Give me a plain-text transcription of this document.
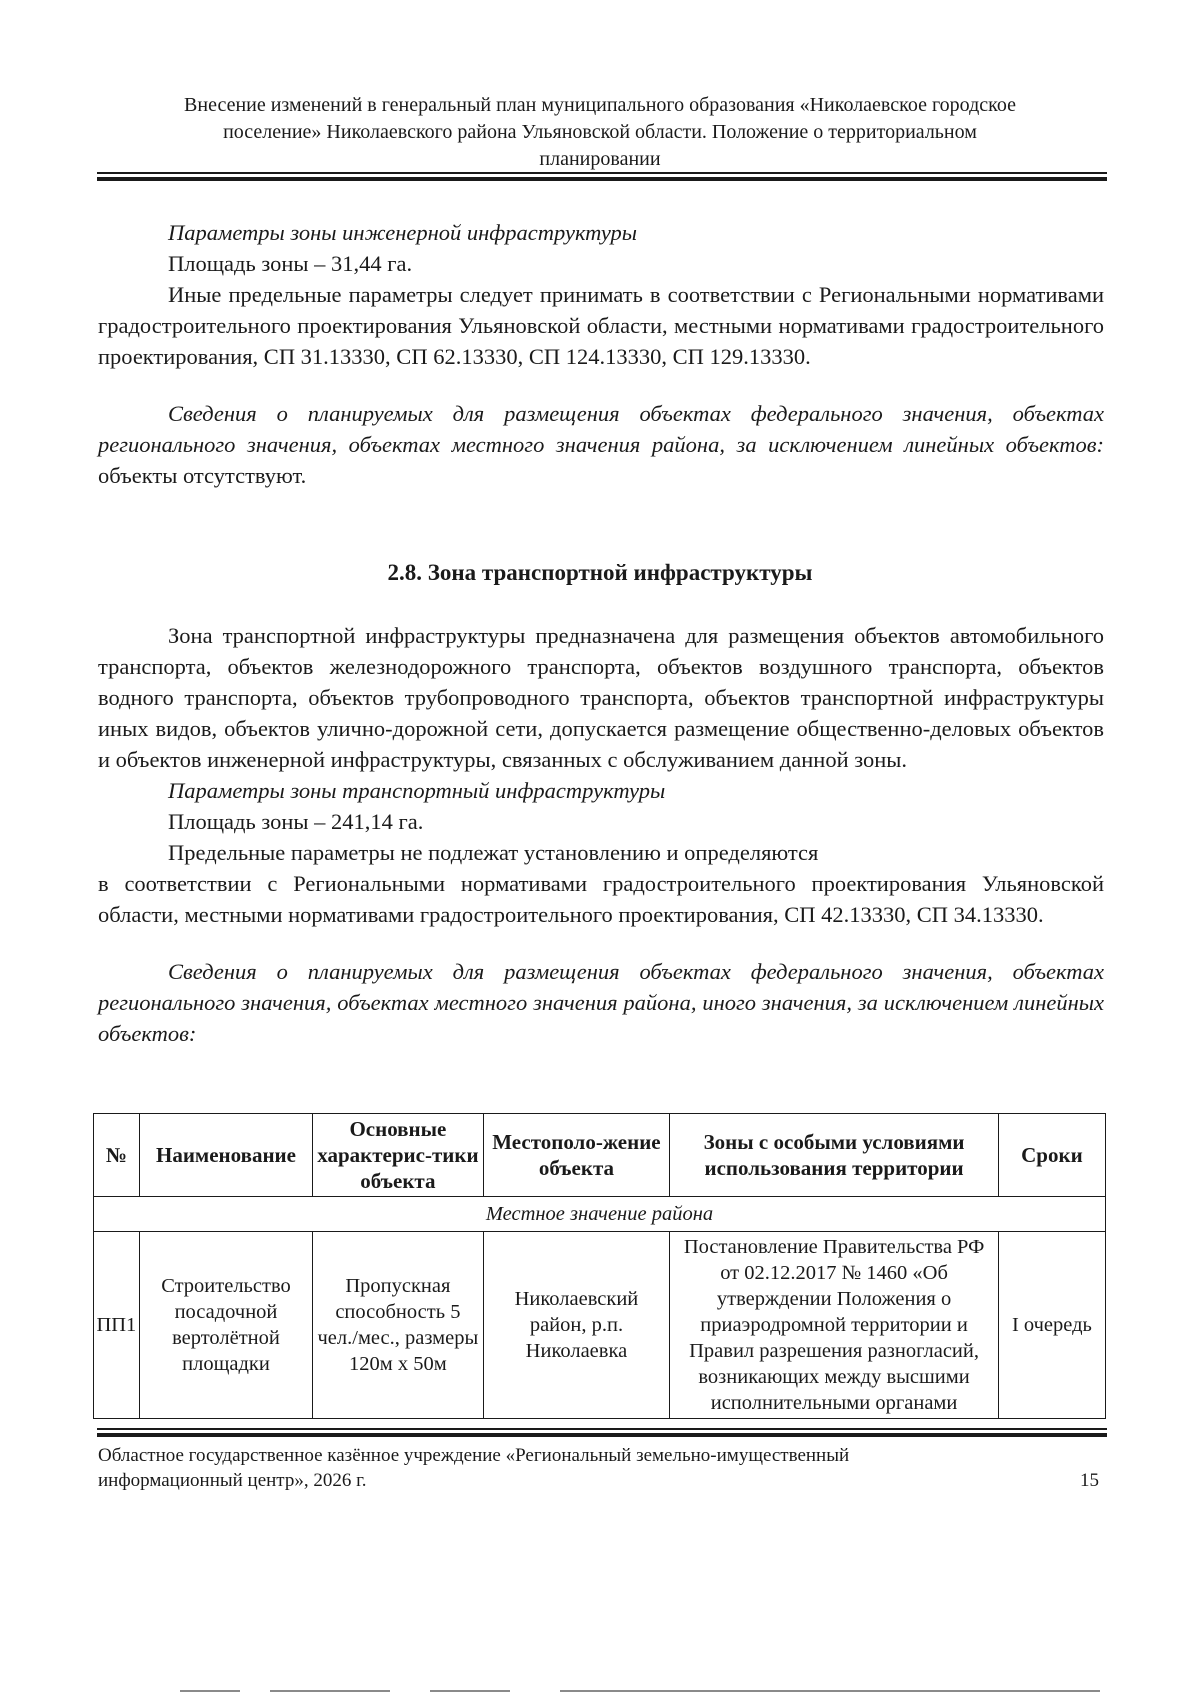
Внесение изменений в генеральный план муниципального образования «Николаевское городское
поселение» Николаевского района Ульяновской области. Положение о территориальном
планировании

Параметры зоны инженерной инфраструктуры

Площадь зоны – 31,44 га.

Иные предельные параметры следует принимать в соответствии с Региональными нормативами градостроительного проектирования Ульяновской области, местными нормативами градостроительного проектирования, СП 31.13330, СП 62.13330, СП 124.13330, СП 129.13330.

Сведения о планируемых для размещения объектах федерального значения, объектах регионального значения, объектах местного значения района, за исключением линейных объектов: объекты отсутствуют.

2.8. Зона транспортной инфраструктуры

Зона транспортной инфраструктуры предназначена для размещения объектов автомобильного транспорта, объектов железнодорожного транспорта, объектов воздушного транспорта, объектов водного транспорта, объектов трубопроводного транспорта, объектов транспортной инфраструктуры иных видов, объектов улично-дорожной сети, допускается размещение общественно-деловых объектов и объектов инженерной инфраструктуры, связанных с обслуживанием данной зоны.

Параметры зоны транспортный инфраструктуры

Площадь зоны – 241,14 га.

Предельные параметры не подлежат установлению и определяются

в соответствии с Региональными нормативами градостроительного проектирования Ульяновской области, местными нормативами градостроительного проектирования, СП 42.13330, СП 34.13330.

Сведения о планируемых для размещения объектах федерального значения, объектах регионального значения, объектах местного значения района, иного значения, за исключением линейных объектов:

№	Наименование	Основные характерис-тики объекта	Местополо-жение объекта	Зоны с особыми условиями использования территории	Сроки
Местное значение района					
ПП1	Строительство посадочной вертолётной площадки	Пропускная способность 5 чел./мес., размеры 120м х 50м	Николаевский район, р.п. Николаевка	Постановление Правительства РФ от 02.12.2017 № 1460 «Об утверждении Положения о приаэродромной территории и Правил разрешения разногласий, возникающих между высшими исполнительными органами	I очередь
Областное государственное казённое учреждение «Региональный земельно-имущественный
информационный центр», 2026 г.	15
